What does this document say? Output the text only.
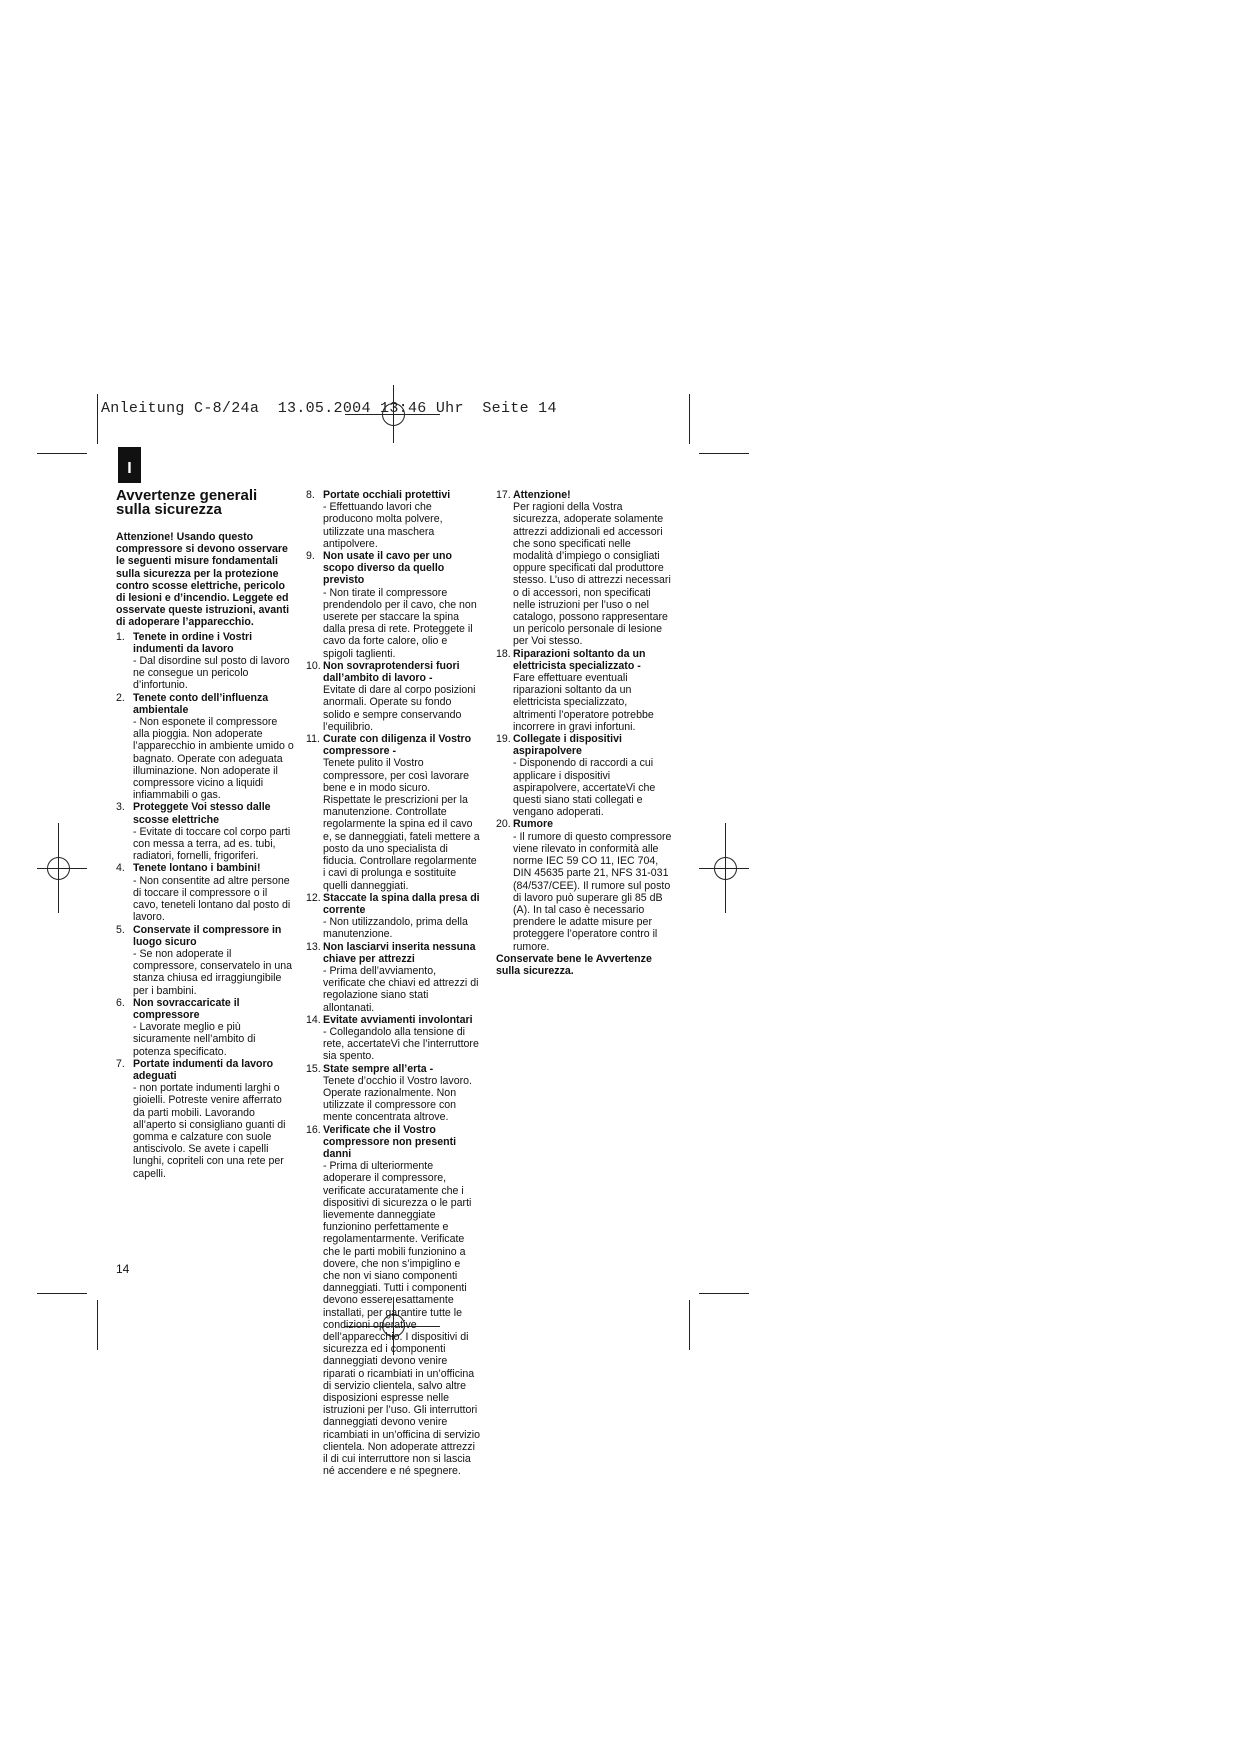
Anleitung C-8/24a  13.05.2004 13:46 Uhr  Seite 14
I
Avvertenze generali sulla sicurezza

Attenzione! Usando questo compressore si devono osservare le seguenti misure fondamentali sulla sicurezza per la protezione contro scosse elettriche, pericolo di lesioni e d’incendio. Leggete ed osservate queste istruzioni, avanti di adoperare l’apparecchio.

1. Tenete in ordine i Vostri indumenti da lavoro
- Dal disordine sul posto di lavoro ne consegue un pericolo d’infortunio.
2. Tenete conto dell’influenza ambientale
- Non esponete il compressore alla pioggia. Non adoperate l’apparecchio in ambiente umido o bagnato. Operate con adeguata illuminazione. Non adoperate il compressore vicino a liquidi infiammabili o gas.
3. Proteggete Voi stesso dalle scosse elettriche
- Evitate di toccare col corpo parti con messa a terra, ad es. tubi, radiatori, fornelli, frigoriferi.
4. Tenete lontano i bambini!
- Non consentite ad altre persone di toccare il compressore o il cavo, teneteli lontano dal posto di lavoro.
5. Conservate il compressore in luogo sicuro
- Se non adoperate il compressore, conservatelo in una stanza chiusa ed irraggiungibile per i bambini.
6. Non sovraccaricate il compressore
- Lavorate meglio e più sicuramente nell’ambito di potenza specificato.
7. Portate indumenti da lavoro adeguati
- non portate indumenti larghi o gioielli. Potreste venire afferrato da parti mobili. Lavorando all’aperto si consigliano guanti di gomma e calzature con suole antiscivolo. Se avete i capelli lunghi, copriteli con una rete per capelli.
8. Portate occhiali protettivi
- Effettuando lavori che producono molta polvere, utilizzate una maschera antipolvere.
9. Non usate il cavo per uno scopo diverso da quello previsto
- Non tirate il compressore prendendolo per il cavo, che non userete per staccare la spina dalla presa di rete. Proteggete il cavo da forte calore, olio e spigoli taglienti.
10. Non sovraprotendersi fuori dall’ambito di lavoro -
Evitate di dare al corpo posizioni anormali. Operate su fondo solido e sempre conservando l’equilibrio.
11. Curate con diligenza il Vostro compressore -
Tenete pulito il Vostro compressore, per così lavorare bene e in modo sicuro. Rispettate le prescrizioni per la manutenzione. Controllate regolarmente la spina ed il cavo e, se danneggiati, fateli mettere a posto da uno specialista di fiducia. Controllare regolarmente i cavi di prolunga e sostituite quelli danneggiati.
12. Staccate la spina dalla presa di corrente
- Non utilizzandolo, prima della manutenzione.
13. Non lasciarvi inserita nessuna chiave per attrezzi
- Prima dell’avviamento, verificate che chiavi ed attrezzi di regolazione siano stati allontanati.
14. Evitate avviamenti involontari
- Collegandolo alla tensione di rete, accertateVi che l’interruttore sia spento.
15. State sempre all’erta -
Tenete d’occhio il Vostro lavoro. Operate razionalmente. Non utilizzate il compressore con mente concentrata altrove.
16. Verificate che il Vostro compressore non presenti danni
- Prima di ulteriormente adoperare il compressore, verificate accuratamente che i dispositivi di sicurezza o le parti lievemente danneggiate funzionino perfettamente e regolamentarmente. Verificate che le parti mobili funzionino a dovere, che non s’impiglino e che non vi siano componenti danneggiati. Tutti i componenti devono essere esattamente installati, per garantire tutte le condizioni operative dell’apparecchio. I dispositivi di sicurezza ed i componenti danneggiati devono venire riparati o ricambiati in un’officina di servizio clientela, salvo altre disposizioni espresse nelle istruzioni per l’uso. Gli interruttori danneggiati devono venire ricambiati in un’officina di servizio clientela. Non adoperate attrezzi il di cui interruttore non si lascia né accendere e né spegnere.
17. Attenzione!
Per ragioni della Vostra sicurezza, adoperate solamente attrezzi addizionali ed accessori che sono specificati nelle modalità d’impiego o consigliati oppure specificati dal produttore stesso. L’uso di attrezzi necessari o di accessori, non specificati nelle istruzioni per l’uso o nel catalogo, possono rappresentare un pericolo personale di lesione per Voi stesso.
18. Riparazioni soltanto da un elettricista specializzato -
Fare effettuare eventuali riparazioni soltanto da un elettricista specializzato, altrimenti l’operatore potrebbe incorrere in gravi infortuni.
19. Collegate i dispositivi aspirapolvere
- Disponendo di raccordi a cui applicare i dispositivi aspirapolvere, accertateVi che questi siano stati collegati e vengano adoperati.
20. Rumore
- Il rumore di questo compressore viene rilevato in conformità alle norme IEC 59 CO 11, IEC 704, DIN 45635 parte 21, NFS 31-031 (84/537/CEE). Il rumore sul posto di lavoro può superare gli 85 dB (A). In tal caso è necessario prendere le adatte misure per proteggere l’operatore contro il rumore.

Conservate bene le Avvertenze sulla sicurezza.

14
